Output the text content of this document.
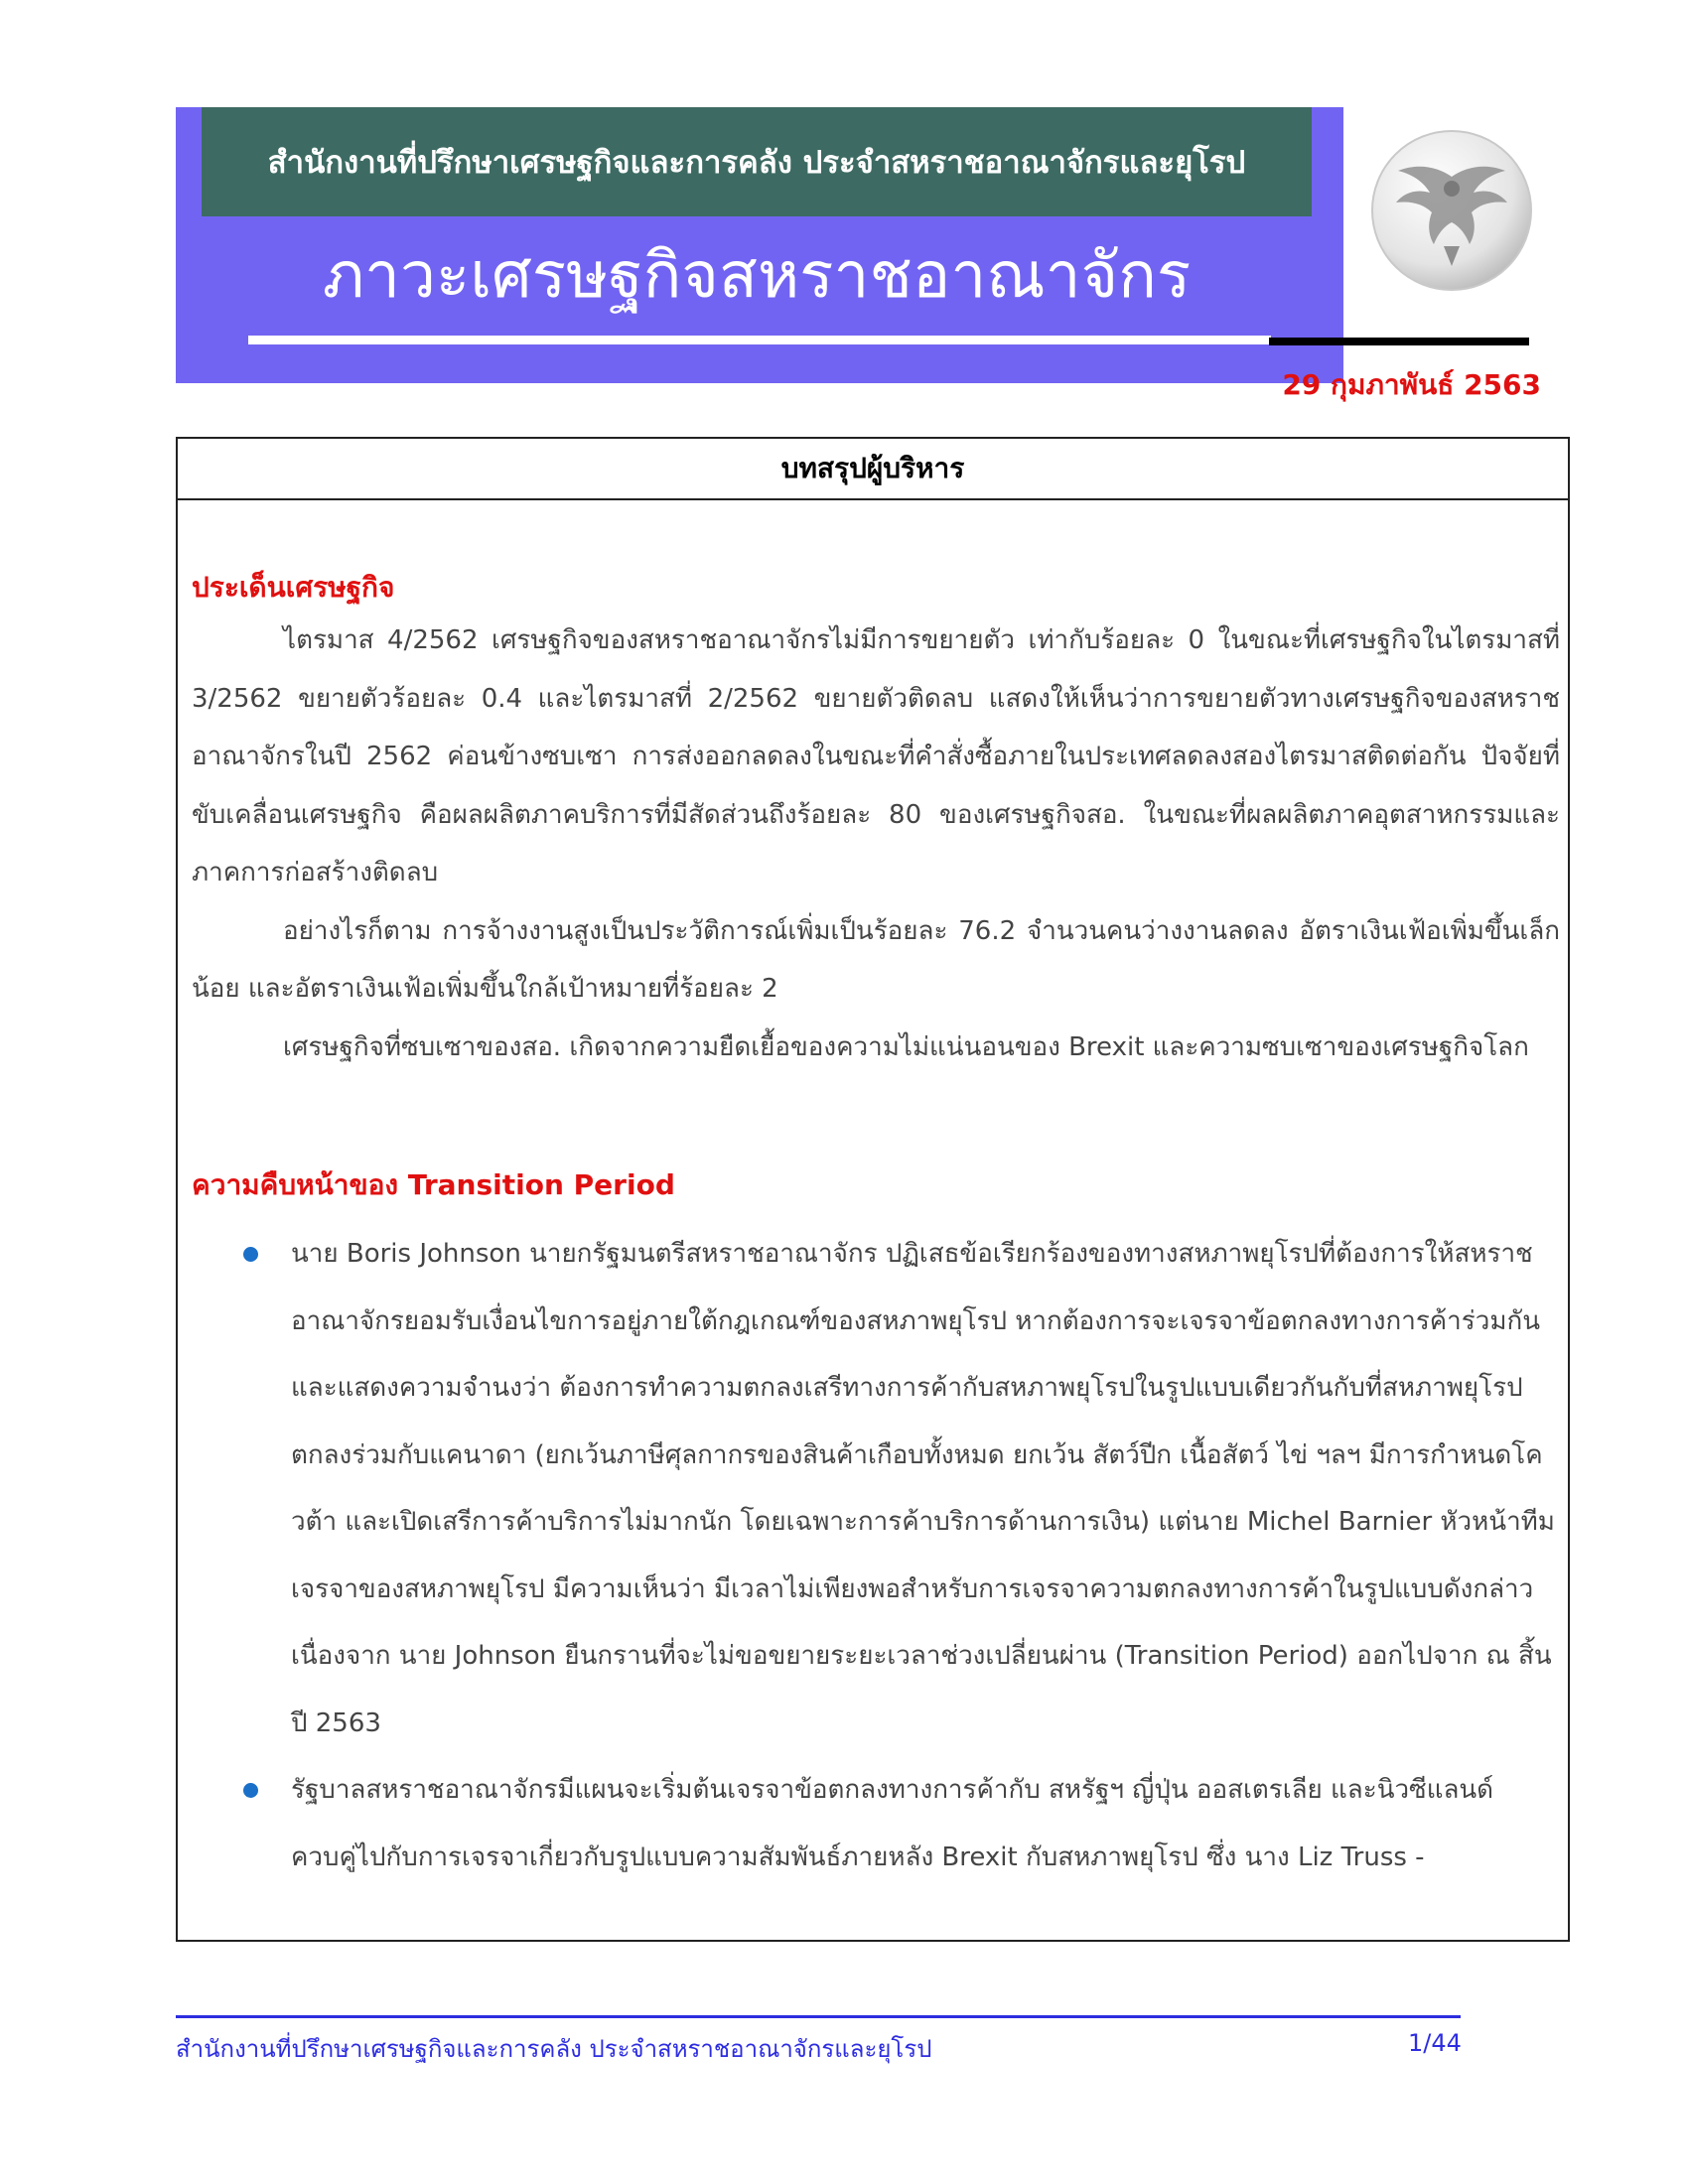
สำนักงานที่ปรึกษาเศรษฐกิจและการคลัง ประจำสหราชอาณาจักรและยุโรป
ภาวะเศรษฐกิจสหราชอาณาจักร
29 กุมภาพันธ์ 2563
บทสรุปผู้บริหาร
ประเด็นเศรษฐกิจ

ไตรมาส 4/2562 เศรษฐกิจของสหราชอาณาจักรไม่มีการขยายตัว เท่ากับร้อยละ 0 ในขณะที่เศรษฐกิจในไตรมาสที่ 3/2562 ขยายตัวร้อยละ 0.4 และไตรมาสที่ 2/2562 ขยายตัวติดลบ แสดงให้เห็นว่าการขยายตัวทางเศรษฐกิจของสหราชอาณาจักรในปี 2562 ค่อนข้างซบเซา การส่งออกลดลงในขณะที่คำสั่งซื้อภายในประเทศลดลงสองไตรมาสติดต่อกัน ปัจจัยที่ขับเคลื่อนเศรษฐกิจ คือผลผลิตภาคบริการที่มีสัดส่วนถึงร้อยละ 80 ของเศรษฐกิจสอ. ในขณะที่ผลผลิตภาคอุตสาหกรรมและภาคการก่อสร้างติดลบ

อย่างไรก็ตาม การจ้างงานสูงเป็นประวัติการณ์เพิ่มเป็นร้อยละ 76.2 จำนวนคนว่างงานลดลง อัตราเงินเฟ้อเพิ่มขึ้นเล็กน้อย และอัตราเงินเฟ้อเพิ่มขึ้นใกล้เป้าหมายที่ร้อยละ 2

เศรษฐกิจที่ซบเซาของสอ. เกิดจากความยืดเยื้อของความไม่แน่นอนของ Brexit และความซบเซาของเศรษฐกิจโลก

ความคืบหน้าของ Transition Period
นาย Boris Johnson นายกรัฐมนตรีสหราชอาณาจักร ปฏิเสธข้อเรียกร้องของทางสหภาพยุโรปที่ต้องการให้สหราชอาณาจักรยอมรับเงื่อนไขการอยู่ภายใต้กฎเกณฑ์ของสหภาพยุโรป หากต้องการจะเจรจาข้อตกลงทางการค้าร่วมกัน และแสดงความจำนงว่า ต้องการทำความตกลงเสรีทางการค้ากับสหภาพยุโรปในรูปแบบเดียวกันกับที่สหภาพยุโรปตกลงร่วมกับแคนาดา (ยกเว้นภาษีศุลกากรของสินค้าเกือบทั้งหมด ยกเว้น สัตว์ปีก เนื้อสัตว์ ไข่ ฯลฯ มีการกำหนดโควต้า และเปิดเสรีการค้าบริการไม่มากนัก โดยเฉพาะการค้าบริการด้านการเงิน) แต่นาย Michel Barnier หัวหน้าทีมเจรจาของสหภาพยุโรป มีความเห็นว่า มีเวลาไม่เพียงพอสำหรับการเจรจาความตกลงทางการค้าในรูปแบบดังกล่าว เนื่องจาก นาย Johnson ยืนกรานที่จะไม่ขอขยายระยะเวลาช่วงเปลี่ยนผ่าน (Transition Period) ออกไปจาก ณ สิ้นปี 2563
รัฐบาลสหราชอาณาจักรมีแผนจะเริ่มต้นเจรจาข้อตกลงทางการค้ากับ สหรัฐฯ ญี่ปุ่น ออสเตรเลีย และนิวซีแลนด์ ควบคู่ไปกับการเจรจาเกี่ยวกับรูปแบบความสัมพันธ์ภายหลัง Brexit กับสหภาพยุโรป ซึ่ง นาง Liz Truss -
สำนักงานที่ปรึกษาเศรษฐกิจและการคลัง ประจำสหราชอาณาจักรและยุโรป	1/44
